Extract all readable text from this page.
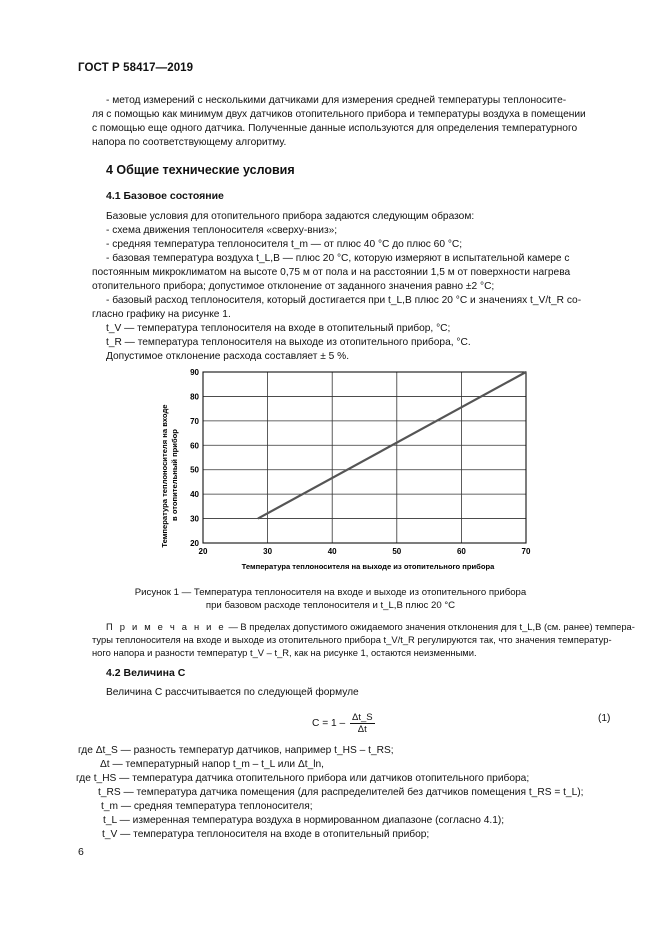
ГОСТ Р 58417—2019
- метод измерений с несколькими датчиками для измерения средней температуры теплоносите-
ля с помощью как минимум двух датчиков отопительного прибора и температуры воздуха в помещении
с помощью еще одного датчика. Полученные данные используются для определения температурного
напора по соответствующему алгоритму.
4 Общие технические условия
4.1 Базовое состояние
Базовые условия для отопительного прибора задаются следующим образом:
- схема движения теплоносителя «сверху-вниз»;
- средняя температура теплоносителя t_m — от плюс 40 °С до плюс 60 °С;
- базовая температура воздуха t_L,B — плюс 20 °С, которую измеряют в испытательной камере с
постоянным микроклиматом на высоте 0,75 м от пола и на расстоянии 1,5 м от поверхности нагрева
отопительного прибора; допустимое отклонение от заданного значения равно ±2 °С;
- базовый расход теплоносителя, который достигается при t_L,B плюс 20 °С и значениях t_V/t_R со-
гласно графику на рисунке 1.
t_V — температура теплоносителя на входе в отопительный прибор, °С;
t_R — температура теплоносителя на выходе из отопительного прибора, °С.
Допустимое отклонение расхода составляет ± 5 %.
20	30	40	50	60	70
20
30
40
50
60
70
80
90
Температура теплоносителя на выходе из отопительного прибора
Температура теплоносителя на входе в отопительный прибор
Рисунок 1 — Температура теплоносителя на входе и выходе из отопительного прибора
при базовом расходе теплоносителя и t_L,B плюс 20 °С
П р и м е ч а н и е — В пределах допустимого ожидаемого значения отклонения для t_L,B (см. ранее) темпера-
туры теплоносителя на входе и выходе из отопительного прибора t_V/t_R регулируются так, что значения температур-
ного напора и разности температур t_V – t_R, как на рисунке 1, остаются неизменными.
4.2 Величина С
Величина С рассчитывается по следующей формуле
$С = 1 - \frac{\Delta t\_S}{\Delta t}$	(1)
где Δt_S — разность температур датчиков, например t_HS – t_RS;
Δt — температурный напор t_m – t_L или Δt_ln,
где t_HS — температура датчика отопительного прибора или датчиков отопительного прибора;
t_RS — температура датчика помещения (для распределителей без датчиков помещения t_RS = t_L);
t_m — средняя температура теплоносителя;
t_L — измеренная температура воздуха в нормированном диапазоне (согласно 4.1);
t_V — температура теплоносителя на входе в отопительный прибор;
6
